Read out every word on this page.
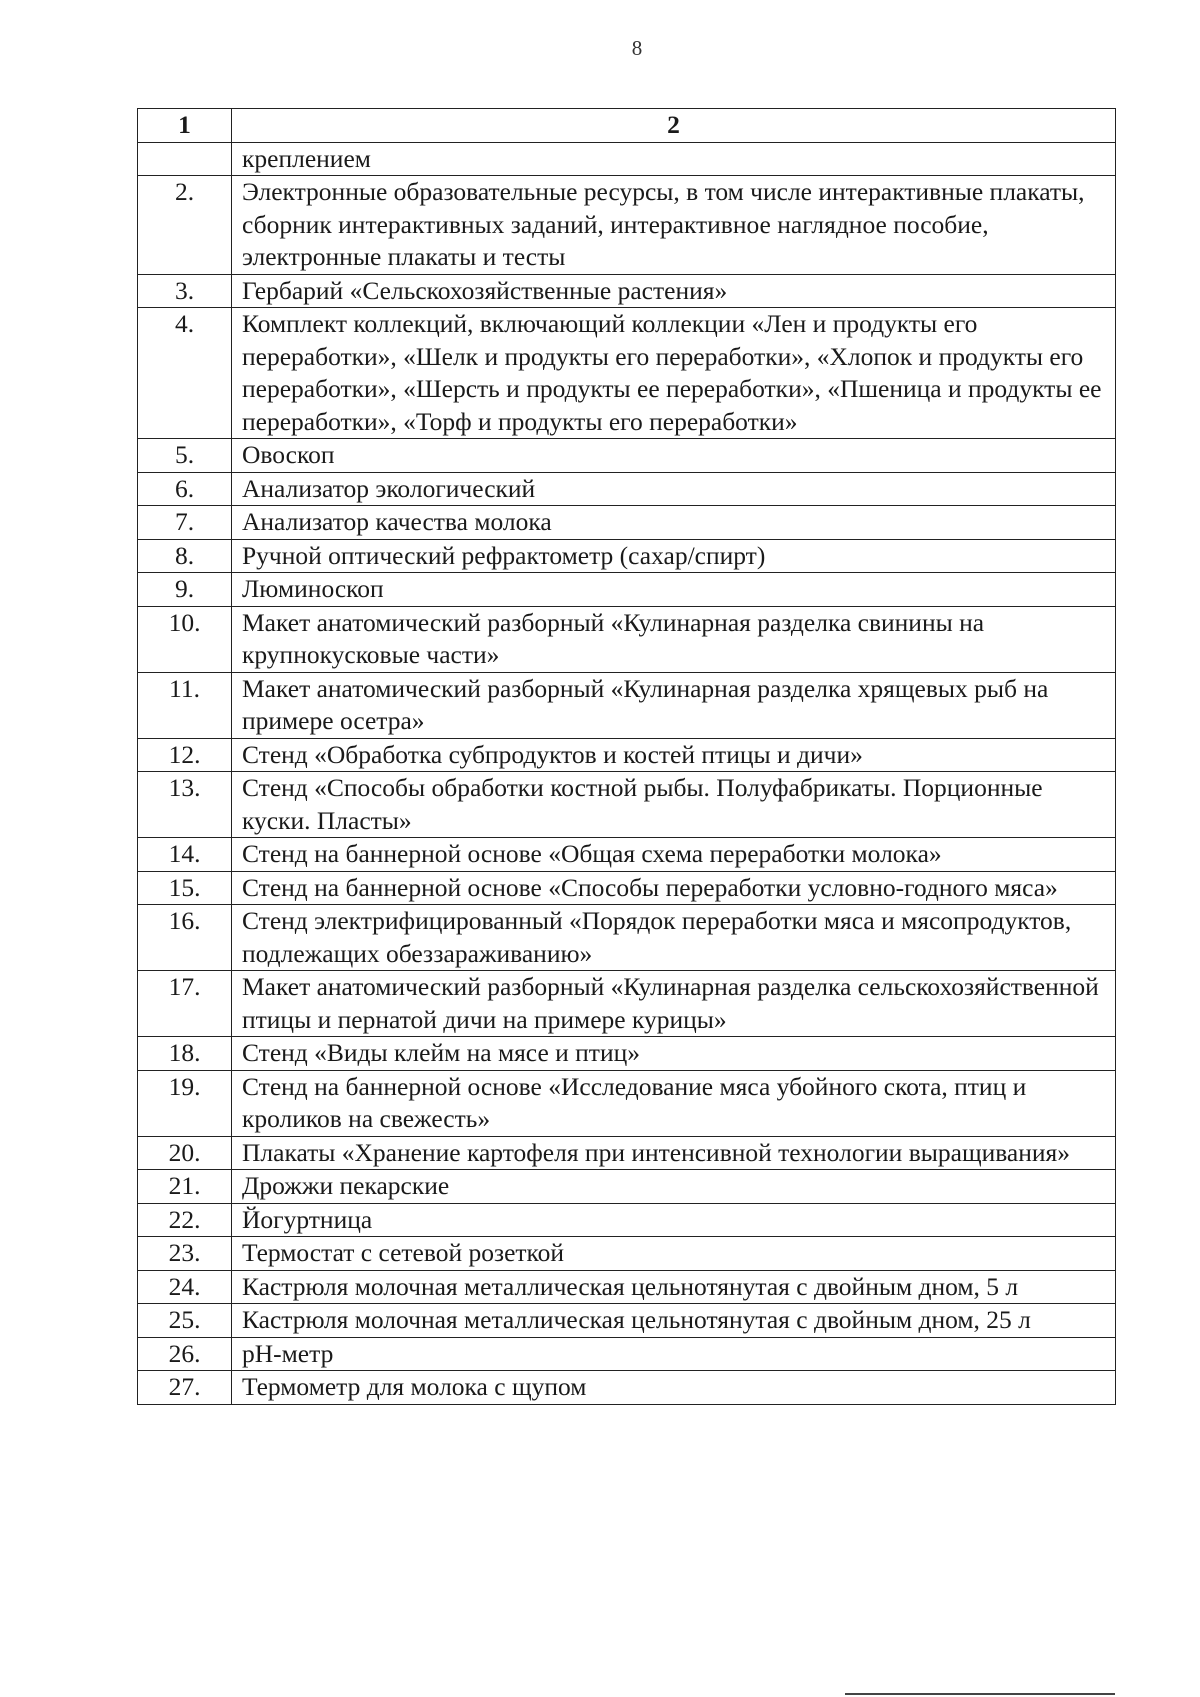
8
1	2
	креплением
2.	Электронные образовательные ресурсы, в том числе интерактивные плакаты, сборник интерактивных заданий, интерактивное наглядное пособие, электронные плакаты и тесты
3.	Гербарий «Сельскохозяйственные растения»
4.	Комплект коллекций, включающий коллекции «Лен и продукты его переработки», «Шелк и продукты его переработки», «Хлопок и продукты его переработки», «Шерсть и продукты ее переработки», «Пшеница и продукты ее переработки», «Торф и продукты его переработки»
5.	Овоскоп
6.	Анализатор экологический
7.	Анализатор качества молока
8.	Ручной оптический рефрактометр (сахар/спирт)
9.	Люминоскоп
10.	Макет анатомический разборный «Кулинарная разделка свинины на крупнокусковые части»
11.	Макет анатомический разборный «Кулинарная разделка хрящевых рыб на примере осетра»
12.	Стенд «Обработка субпродуктов и костей птицы и дичи»
13.	Стенд «Способы обработки костной рыбы. Полуфабрикаты. Порционные куски. Пласты»
14.	Стенд на баннерной основе «Общая схема переработки молока»
15.	Стенд на баннерной основе «Способы переработки условно-годного мяса»
16.	Стенд электрифицированный «Порядок переработки мяса и мясопродуктов, подлежащих обеззараживанию»
17.	Макет анатомический разборный «Кулинарная разделка сельскохозяйственной птицы и пернатой дичи на примере курицы»
18.	Стенд «Виды клейм на мясе и птиц»
19.	Стенд на баннерной основе «Исследование мяса убойного скота, птиц и кроликов на свежесть»
20.	Плакаты «Хранение картофеля при интенсивной технологии выращивания»
21.	Дрожжи пекарские
22.	Йогуртница
23.	Термостат с сетевой розеткой
24.	Кастрюля молочная металлическая цельнотянутая с двойным дном, 5 л
25.	Кастрюля молочная металлическая цельнотянутая с двойным дном, 25 л
26.	pH-метр
27.	Термометр для молока с щупом
